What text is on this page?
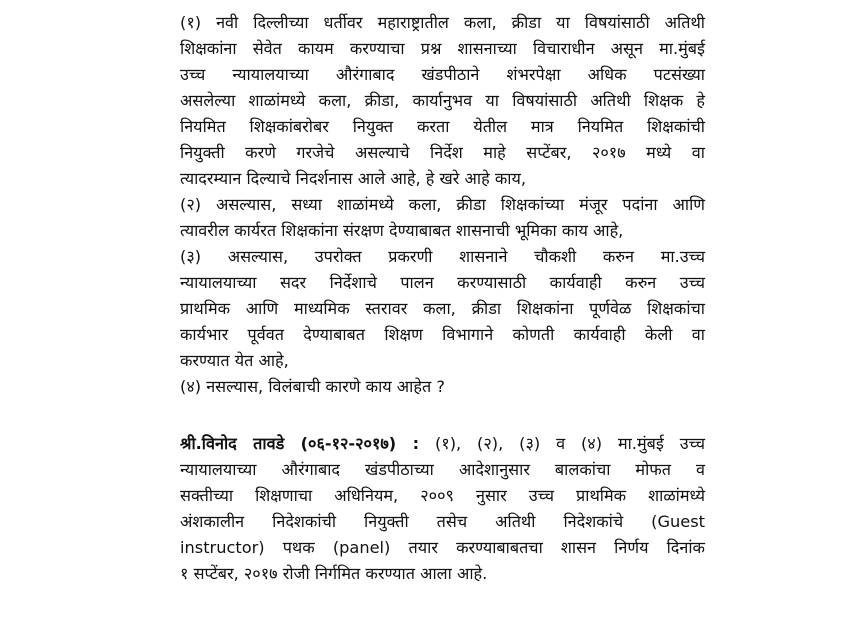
(१) नवी दिल्लीच्या धर्तीवर महाराष्ट्रातील कला, क्रीडा या विषयांसाठी अतिथी
शिक्षकांना सेवेत कायम करण्याचा प्रश्न शासनाच्या विचाराधीन असून मा.मुंबई
उच्च न्यायालयाच्या औरंगाबाद खंडपीठाने शंभरपेक्षा अधिक पटसंख्या
असलेल्या शाळांमध्ये कला, क्रीडा, कार्यानुभव या विषयांसाठी अतिथी शिक्षक हे
नियमित शिक्षकांबरोबर नियुक्त करता येतील मात्र नियमित शिक्षकांची
नियुक्ती करणे गरजेचे असल्याचे निर्देश माहे सप्टेंबर, २०१७ मध्ये वा
त्यादरम्यान दिल्याचे निदर्शनास आले आहे, हे खरे आहे काय,
(२) असल्यास, सध्या शाळांमध्ये कला, क्रीडा शिक्षकांच्या मंजूर पदांना आणि
त्यावरील कार्यरत शिक्षकांना संरक्षण देण्याबाबत शासनाची भूमिका काय आहे,
(३) असल्यास, उपरोक्त प्रकरणी शासनाने चौकशी करुन मा.उच्च
न्यायालयाच्या सदर निर्देशाचे पालन करण्यासाठी कार्यवाही करुन उच्च
प्राथमिक आणि माध्यमिक स्तरावर कला, क्रीडा शिक्षकांना पूर्णवेळ शिक्षकांचा
कार्यभार पूर्ववत देण्याबाबत शिक्षण विभागाने कोणती कार्यवाही केली वा
करण्यात येत आहे,
(४) नसल्यास, विलंबाची कारणे काय आहेत ?
श्री.विनोद तावडे (०६-१२-२०१७) : (१), (२), (३) व (४) मा.मुंबई उच्च
न्यायालयाच्या औरंगाबाद खंडपीठाच्या आदेशानुसार बालकांचा मोफत व
सक्तीच्या शिक्षणाचा अधिनियम, २००९ नुसार उच्च प्राथमिक शाळांमध्ये
अंशकालीन निदेशकांची नियुक्ती तसेच अतिथी निदेशकांचे (Guest
instructor) पथक (panel) तयार करण्याबाबतचा शासन निर्णय दिनांक
१ सप्टेंबर, २०१७ रोजी निर्गमित करण्यात आला आहे.
